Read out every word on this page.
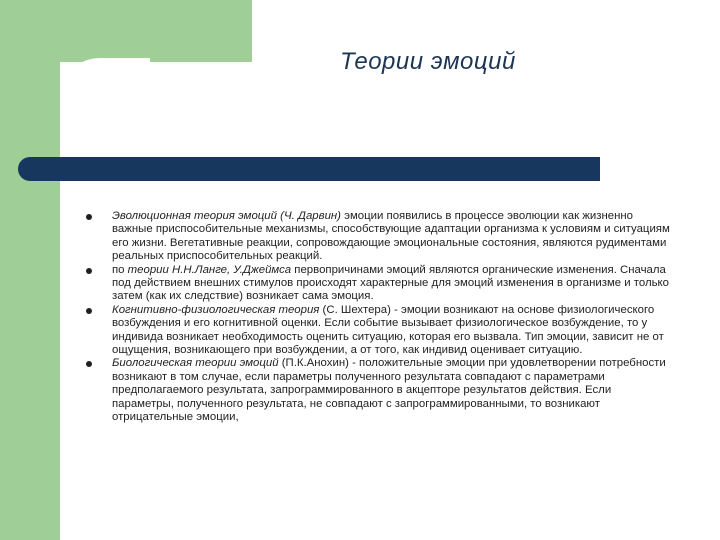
Теории эмоций
Эволюционная теория эмоций (Ч. Дарвин) эмоции появились в процессе эволюции как жизненно важные приспособительные механизмы, способствующие адаптации организма к условиям и ситуациям его жизни. Вегетативные реакции, сопровождающие эмоциональные состояния, являются рудиментами реальных приспособительных реакций.
по теории Н.Н.Ланге, У.Джеймса первопричинами эмоций являются органические изменения. Сначала под действием внешних стимулов происходят характерные для эмоций изменения в организме и только затем (как их следствие) возникает сама эмоция.
Когнитивно-физиологическая теория (С. Шехтера) - эмоции возникают на основе физиологического возбуждения и его когнитивной оценки. Если событие вызывает физиологическое возбуждение, то у индивида возникает необходимость оценить ситуацию, которая его вызвала. Тип эмоции, зависит не от ощущения, возникающего при возбуждении, а от того, как индивид оценивает ситуацию.
Биологическая теории эмоций (П.К.Анохин) - положительные эмоции при удовлетворении потребности возникают в том случае, если параметры полученного результата совпадают с параметрами предполагаемого результата, запрограммированного в акцепторе результатов действия. Если параметры, полученного результата, не совпадают с запрограммированными, то возникают отрицательные эмоции,
